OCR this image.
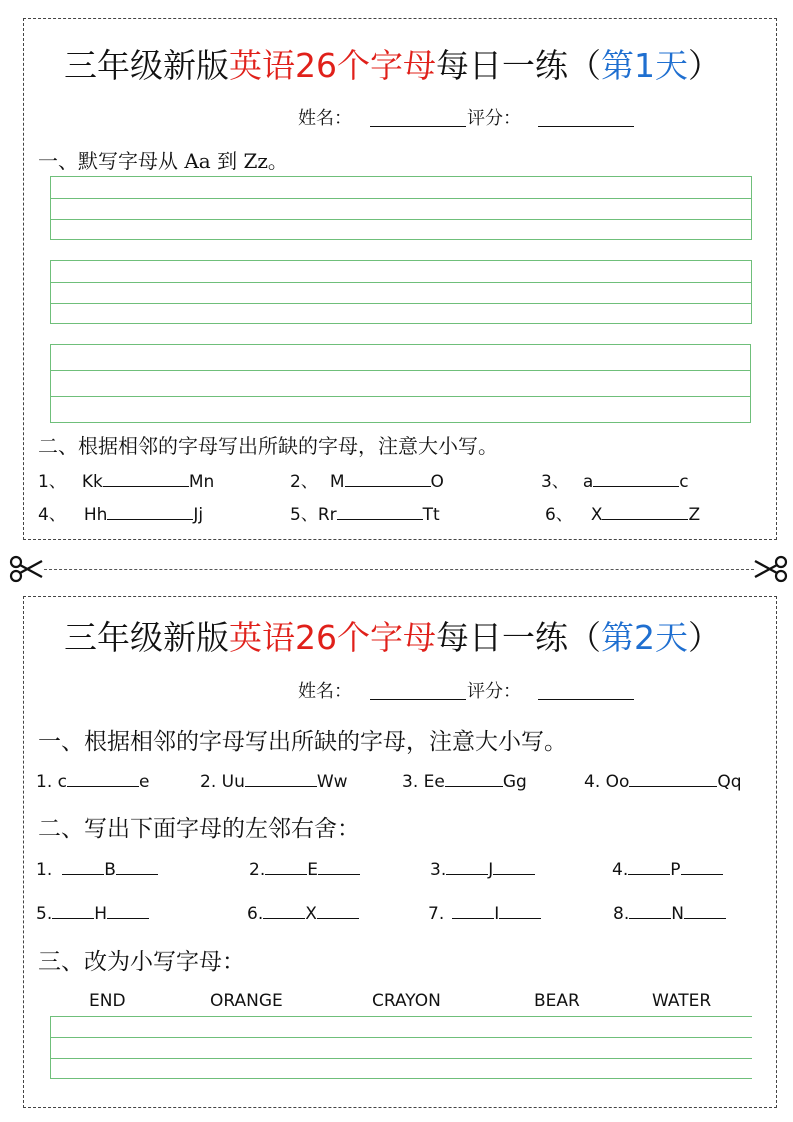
三年级新版英语26个字母每日一练（第1天）
姓名：	评分：
一、默写字母从 Aa 到 Zz。
二、根据相邻的字母写出所缺的字母，注意大小写。
1、 Kk	Mn	2、 M	O	3、 a	c
4、 Hh	Jj	5、Rr	Tt	6、 X	Z
三年级新版英语26个字母每日一练（第2天）
姓名：	评分：
一、根据相邻的字母写出所缺的字母，注意大小写。
1. c	e	2. Uu	Ww	3. Ee	Gg	4. Oo	Qq
二、写出下面字母的左邻右舍：
1.	B	2. E	3. J	4. P
5. H	6. X	7.	I	8. N
三、改为小写字母：
END	ORANGE	CRAYON	BEAR	WATER
